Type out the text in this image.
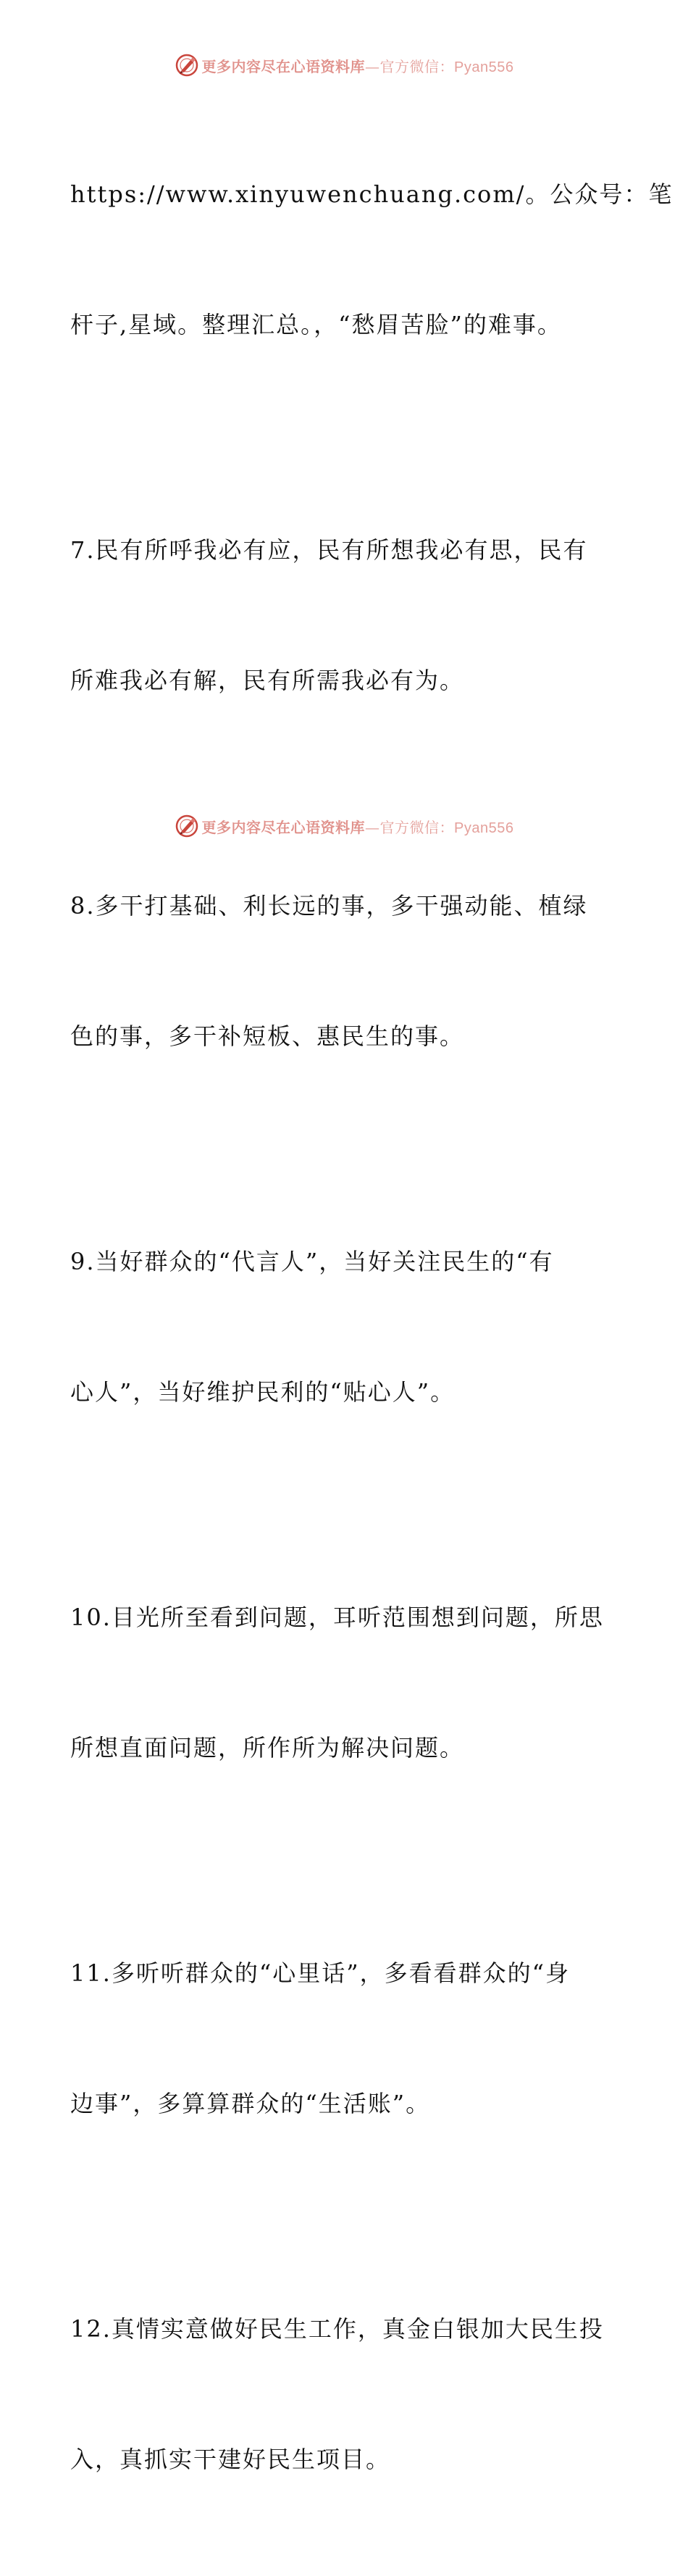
更多内容尽在心语资料库—官方微信：Pyan556

https://www.xinyuwenchuang.com/。公众号：笔

杆子,星域。整理汇总。，“愁眉苦脸”的难事。

7.民有所呼我必有应，民有所想我必有思，民有

所难我必有解，民有所需我必有为。

8.多干打基础、利长远的事，多干强动能、植绿

色的事，多干补短板、惠民生的事。

9.当好群众的“代言人”，当好关注民生的“有

心人”，当好维护民利的“贴心人”。

10.目光所至看到问题，耳听范围想到问题，所思

所想直面问题，所作所为解决问题。

11.多听听群众的“心里话”，多看看群众的“身

边事”，多算算群众的“生活账”。

12.真情实意做好民生工作，真金白银加大民生投

入，真抓实干建好民生项目。

更多内容尽在心语资料库—官方微信：Pyan556
